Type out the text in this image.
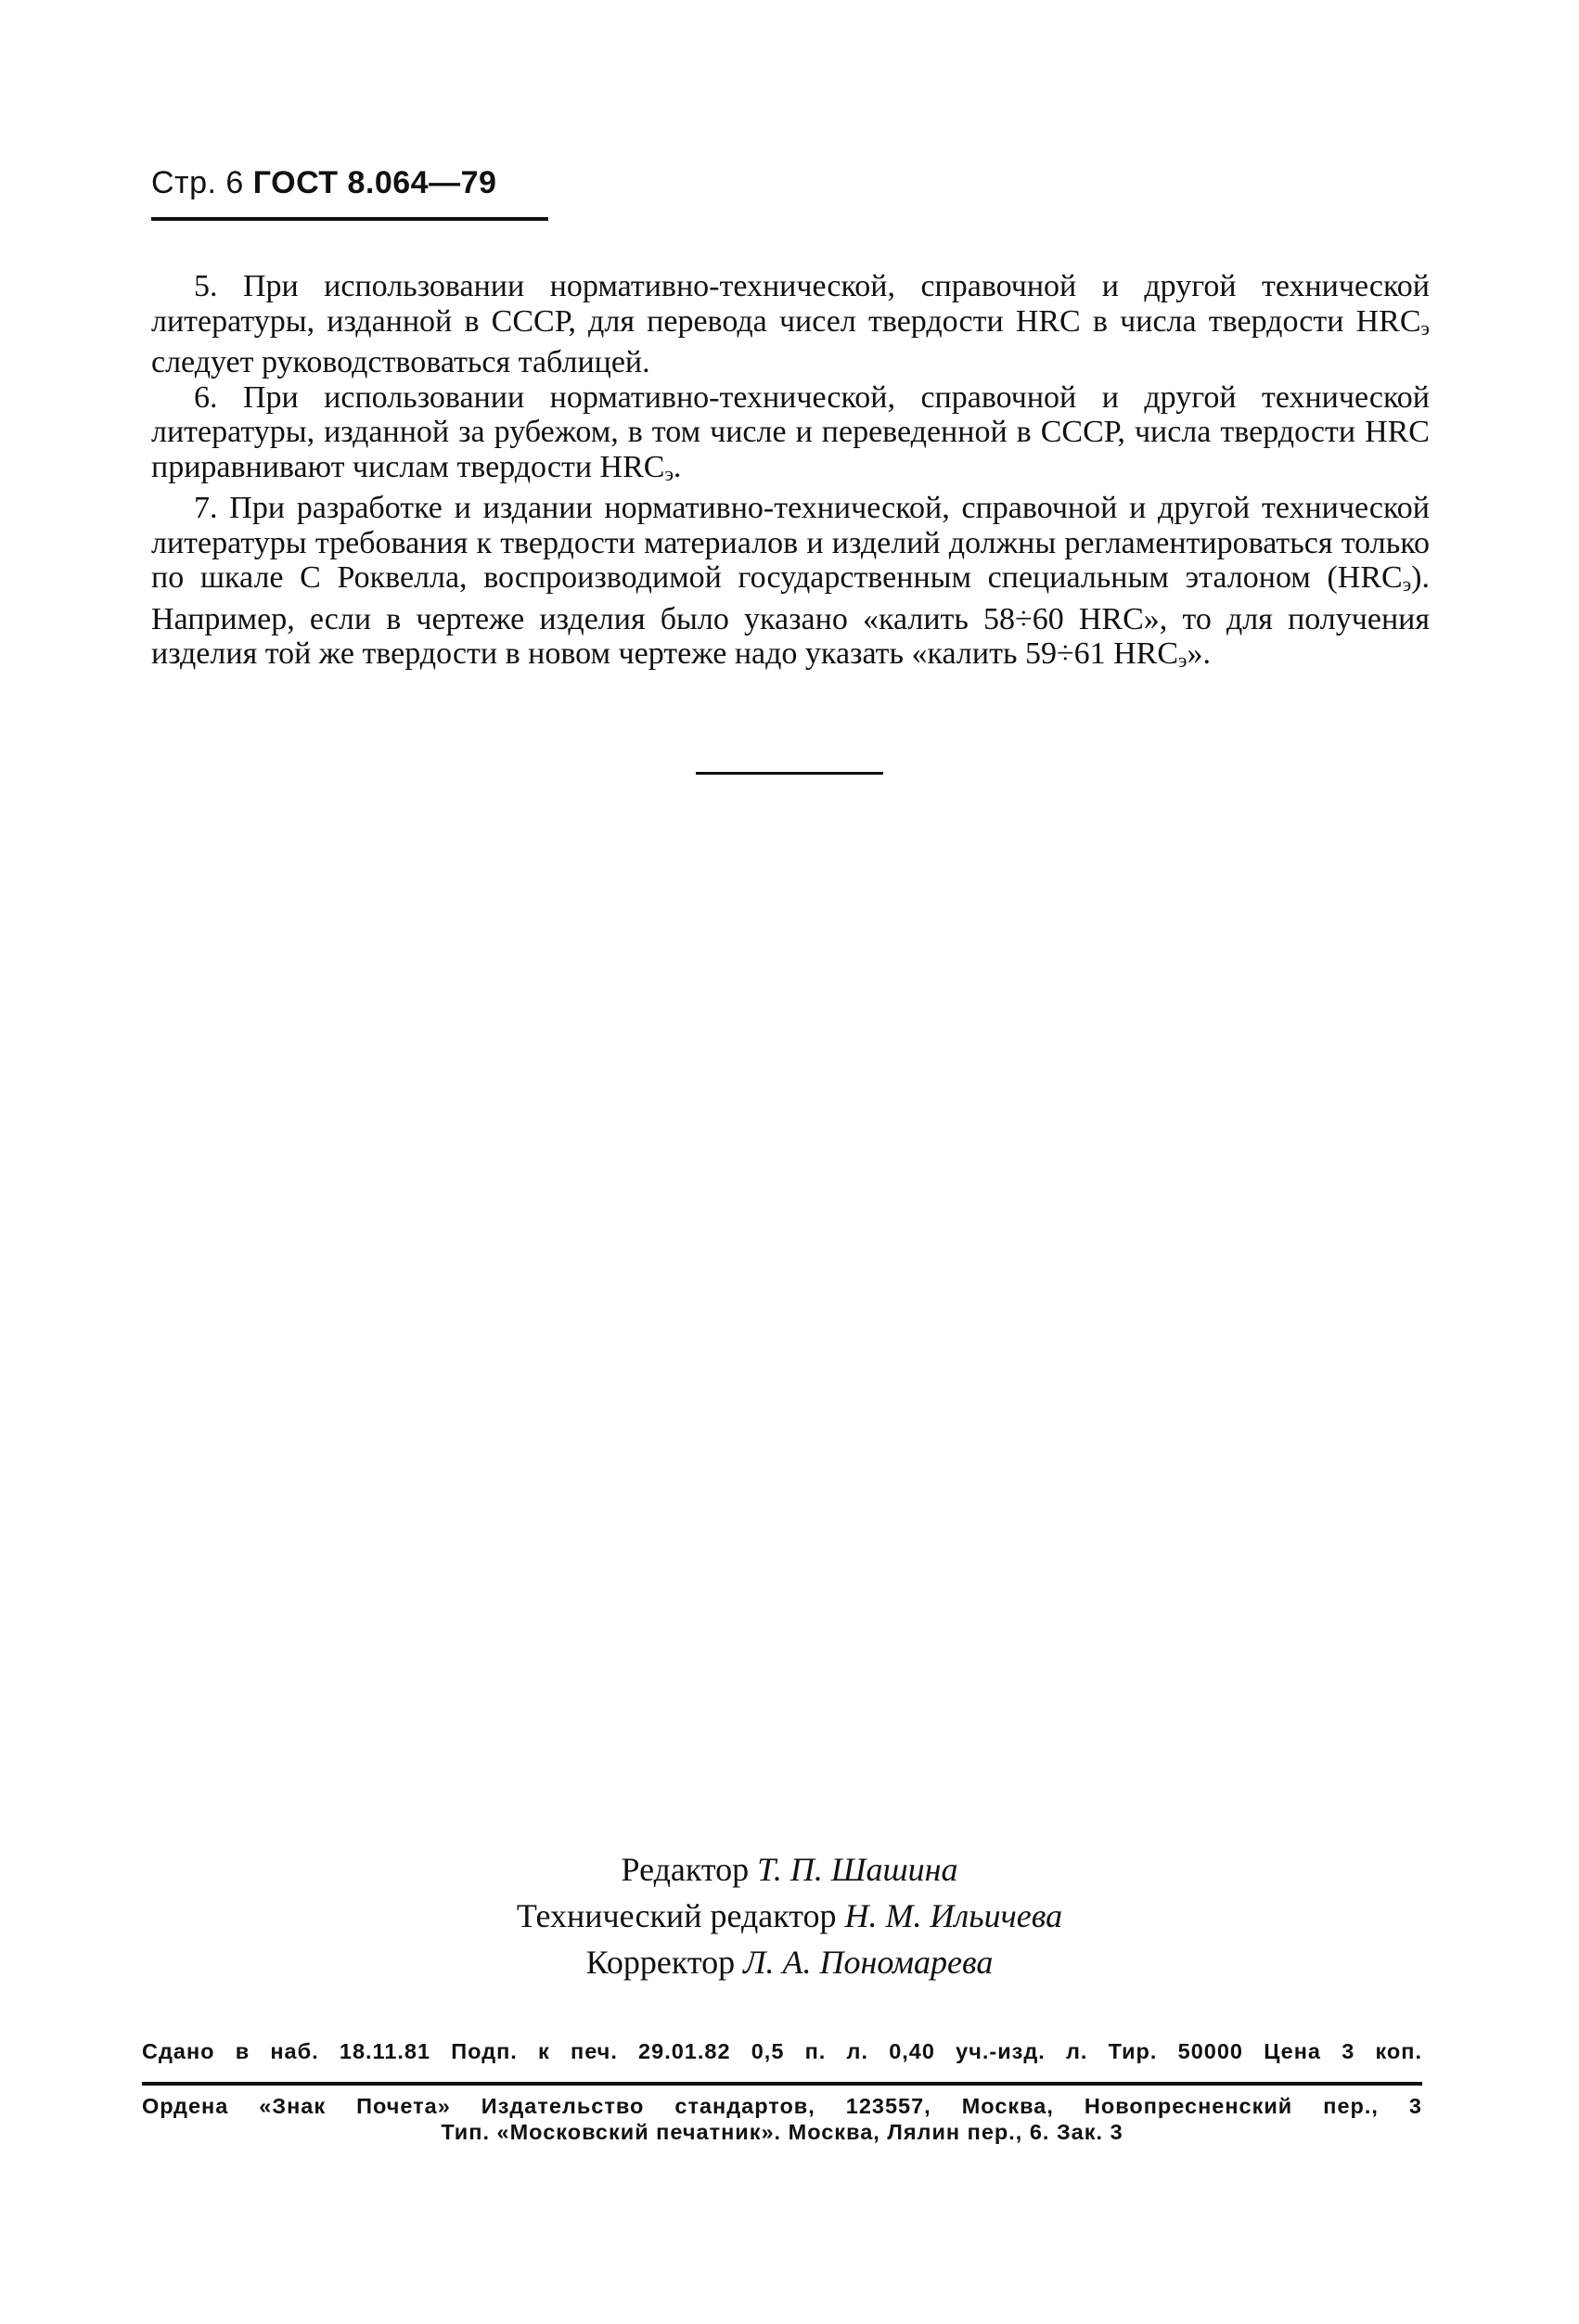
Стр. 6 ГОСТ 8.064—79

5. При использовании нормативно-технической, справочной и другой технической литературы, изданной в СССР, для перевода чисел твердости HRC в числа твердости HRCэ следует руководствоваться таблицей.

6. При использовании нормативно-технической, справочной и другой технической литературы, изданной за рубежом, в том числе и переведенной в СССР, числа твердости HRC приравнивают числам твердости HRCэ.

7. При разработке и издании нормативно-технической, справочной и другой технической литературы требования к твердости материалов и изделий должны регламентироваться только по шкале С Роквелла, воспроизводимой государственным специальным эталоном (HRCэ). Например, если в чертеже изделия было указано «калить 58÷60 HRC», то для получения изделия той же твердости в новом чертеже надо указать «калить 59÷61 HRCэ».

Редактор Т. П. Шашина
Технический редактор Н. М. Ильичева
Корректор Л. А. Пономарева
Сдано в наб. 18.11.81 Подп. к печ. 29.01.82 0,5 п. л. 0,40 уч.-изд. л. Тир. 50000 Цена 3 коп.
Ордена «Знак Почета» Издательство стандартов, 123557, Москва, Новопресненский пер., 3
Тип. «Московский печатник». Москва, Лялин пер., 6. Зак. 3
